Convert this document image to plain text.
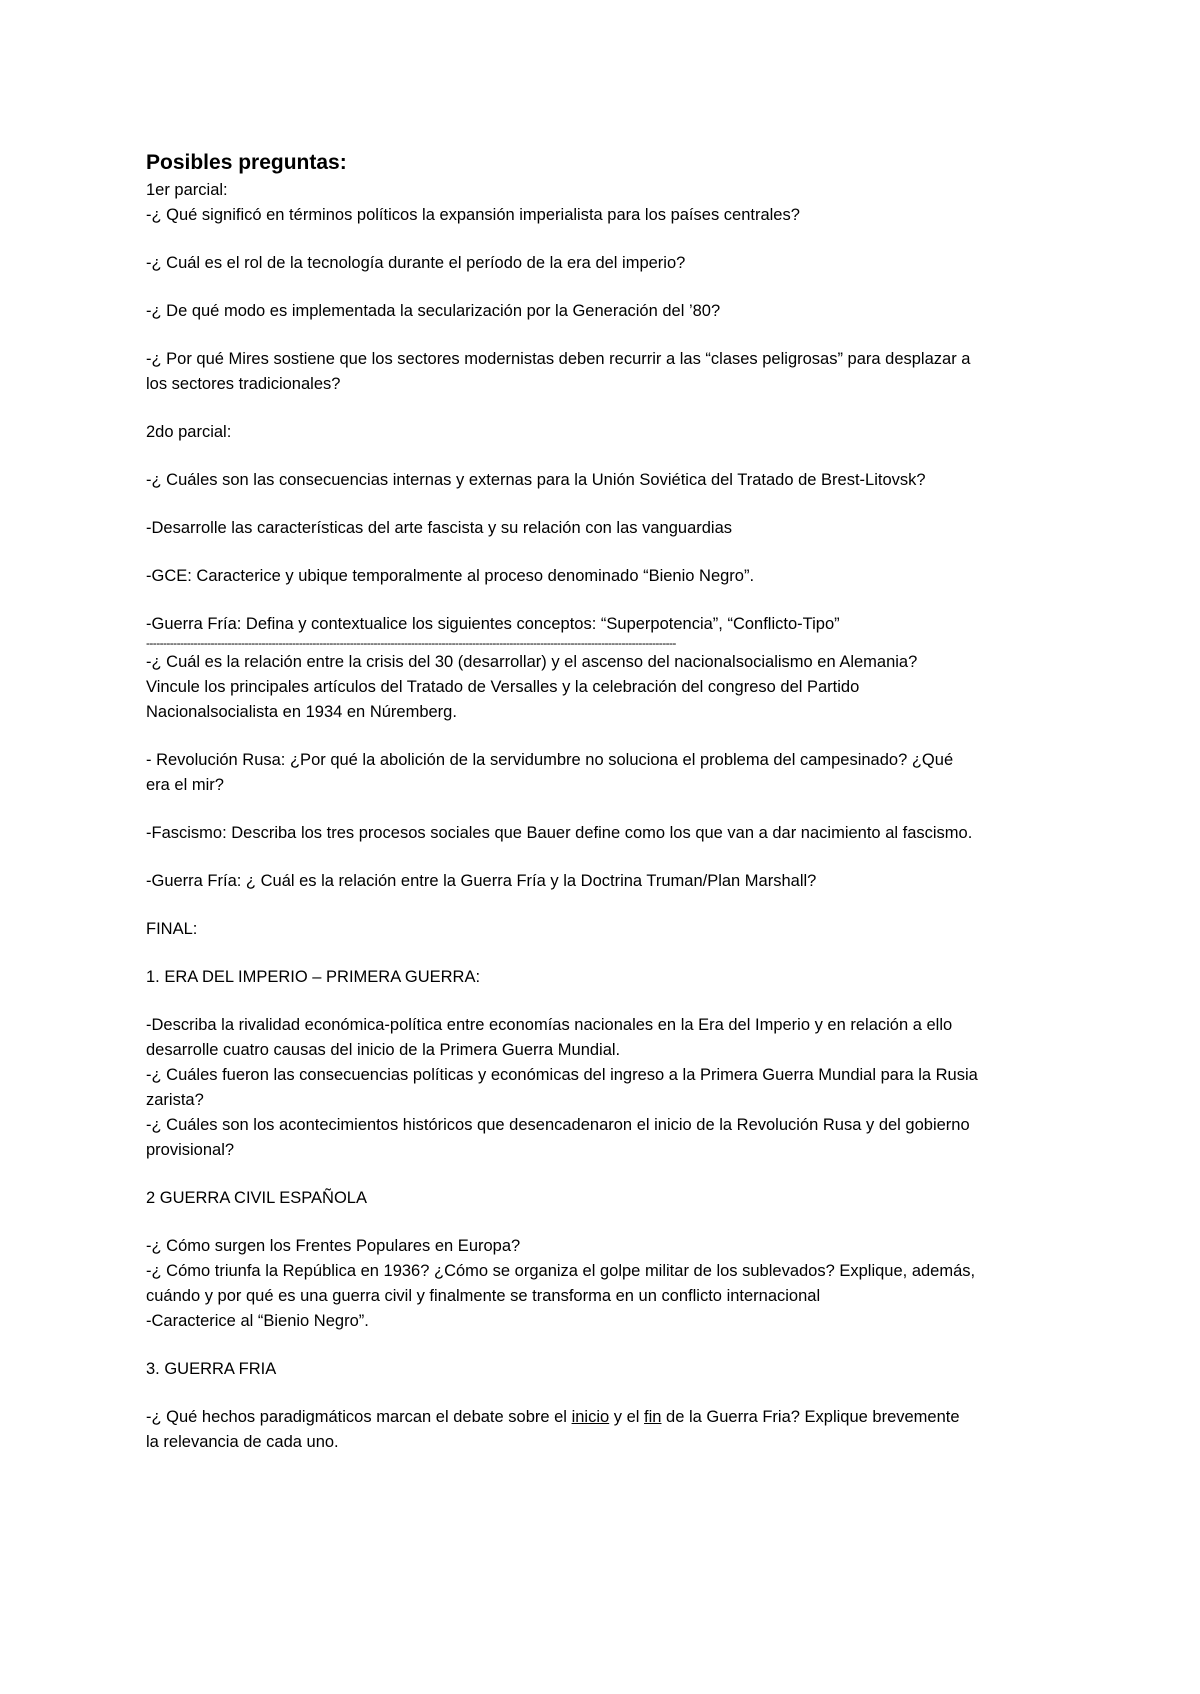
Posibles preguntas:

1er parcial:

-¿ Qué significó en términos políticos la expansión imperialista para los países centrales?

-¿ Cuál es el rol de la tecnología durante el período de la era del imperio?

-¿ De qué modo es implementada la secularización por la Generación del ’80?

-¿ Por qué Mires sostiene que los sectores modernistas deben recurrir a las “clases peligrosas” para desplazar a

los sectores tradicionales?

2do parcial:

-¿ Cuáles son las consecuencias internas y externas para la Unión Soviética del Tratado de Brest-Litovsk?

-Desarrolle las características del arte fascista y su relación con las vanguardias

-GCE: Caracterice y ubique temporalmente al proceso denominado “Bienio Negro”.

-Guerra Fría: Defina y contextualice los siguientes conceptos: “Superpotencia”, “Conflicto-Tipo”

------------------------------------------------------------------------------------------------------------------------------------------------------------

-¿ Cuál es la relación entre la crisis del 30 (desarrollar) y el ascenso del nacionalsocialismo en Alemania?

Vincule los principales artículos del Tratado de Versalles y la celebración del congreso del Partido

Nacionalsocialista en 1934 en Núremberg.

- Revolución Rusa: ¿Por qué la abolición de la servidumbre no soluciona el problema del campesinado? ¿Qué

era el mir?

-Fascismo: Describa los tres procesos sociales que Bauer define como los que van a dar nacimiento al fascismo.

-Guerra Fría: ¿ Cuál es la relación entre la Guerra Fría y la Doctrina Truman/Plan Marshall?

FINAL:

1. ERA DEL IMPERIO – PRIMERA GUERRA:

-Describa la rivalidad económica-política entre economías nacionales en la Era del Imperio y en relación a ello

desarrolle cuatro causas del inicio de la Primera Guerra Mundial.

-¿ Cuáles fueron las consecuencias políticas y económicas del ingreso a la Primera Guerra Mundial para la Rusia

zarista?

-¿ Cuáles son los acontecimientos históricos que desencadenaron el inicio de la Revolución Rusa y del gobierno

provisional?

2 GUERRA CIVIL ESPAÑOLA

-¿ Cómo surgen los Frentes Populares en Europa?

-¿ Cómo triunfa la República en 1936? ¿Cómo se organiza el golpe militar de los sublevados? Explique, además,

cuándo y por qué es una guerra civil y finalmente se transforma en un conflicto internacional

-Caracterice al “Bienio Negro”.

3. GUERRA FRIA

-¿ Qué hechos paradigmáticos marcan el debate sobre el inicio y el fin de la Guerra Fria? Explique brevemente

la relevancia de cada uno.
